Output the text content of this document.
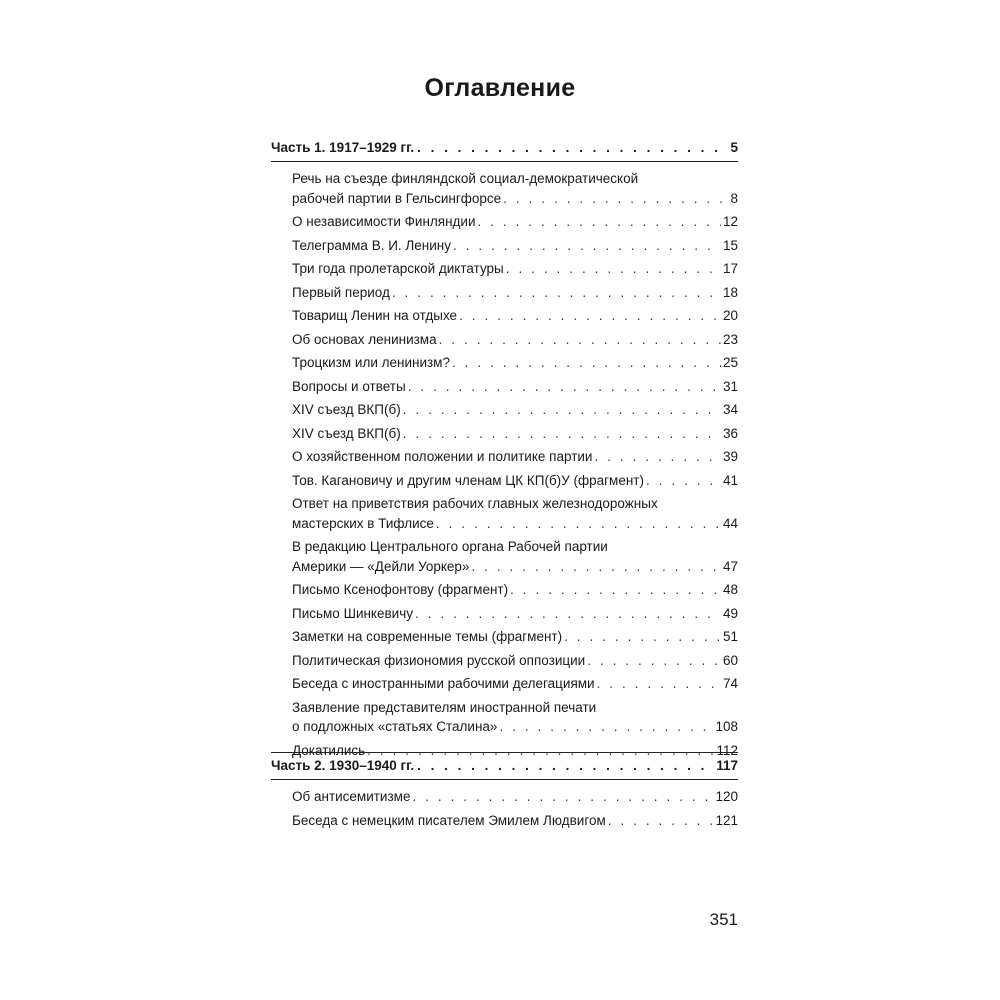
Оглавление
Часть 1. 1917–1929 гг. . . .	5
Речь на съезде финляндской социал-демократической
рабочей партии в Гельсингфорсе . . .	8
О независимости Финляндии . . .	12
Телеграмма В. И. Ленину . . .	15
Три года пролетарской диктатуры . . .	17
Первый период . . .	18
Товарищ Ленин на отдыхе . . .	20
Об основах ленинизма . . .	23
Троцкизм или ленинизм? . . .	25
Вопросы и ответы . . .	31
XIV съезд ВКП(б) . . .	34
XIV съезд ВКП(б) . . .	36
О хозяйственном положении и политике партии . . .	39
Тов. Кагановичу и другим членам ЦК КП(б)У (фрагмент) . . .	41
Ответ на приветствия рабочих главных железнодорожных
мастерских в Тифлисе . . .	44
В редакцию Центрального органа Рабочей партии
Америки — «Дейли Уоркер» . . .	47
Письмо Ксенофонтову (фрагмент) . . .	48
Письмо Шинкевичу . . .	49
Заметки на современные темы (фрагмент) . . .	51
Политическая физиономия русской оппозиции . . .	60
Беседа с иностранными рабочими делегациями . . .	74
Заявление представителям иностранной печати
о подложных «статьях Сталина» . . .	108
Докатились . . .	112
Часть 2. 1930–1940 гг. . . .	117
Об антисемитизме . . .	120
Беседа с немецким писателем Эмилем Людвигом . . .	121
351
